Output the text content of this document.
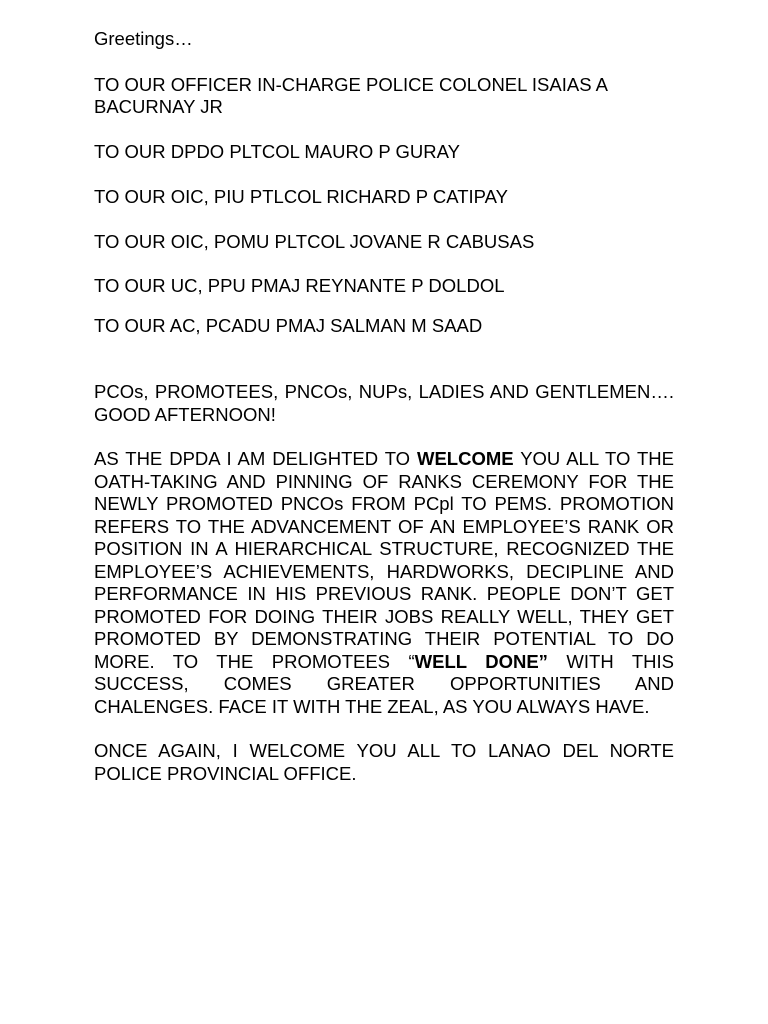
Greetings…

TO OUR OFFICER IN-CHARGE POLICE COLONEL ISAIAS A BACURNAY JR

TO OUR DPDO PLTCOL MAURO P GURAY

TO OUR OIC, PIU PTLCOL RICHARD P CATIPAY

TO OUR OIC, POMU PLTCOL JOVANE R CABUSAS

TO OUR UC, PPU PMAJ REYNANTE P DOLDOL

TO OUR AC, PCADU PMAJ SALMAN M SAAD

PCOs, PROMOTEES, PNCOs, NUPs, LADIES AND GENTLEMEN…. GOOD AFTERNOON!

AS THE DPDA I AM DELIGHTED TO WELCOME YOU ALL TO THE OATH-TAKING AND PINNING OF RANKS CEREMONY FOR THE NEWLY PROMOTED PNCOs FROM PCpl TO PEMS. PROMOTION REFERS TO THE ADVANCEMENT OF AN EMPLOYEE’S RANK OR POSITION IN A HIERARCHICAL STRUCTURE, RECOGNIZED THE EMPLOYEE’S ACHIEVEMENTS, HARDWORKS, DECIPLINE AND PERFORMANCE IN HIS PREVIOUS RANK. PEOPLE DON’T GET PROMOTED FOR DOING THEIR JOBS REALLY WELL, THEY GET PROMOTED BY DEMONSTRATING THEIR POTENTIAL TO DO MORE. TO THE PROMOTEES “WELL DONE” WITH THIS SUCCESS, COMES GREATER OPPORTUNITIES AND CHALENGES. FACE IT WITH THE ZEAL, AS YOU ALWAYS HAVE.

ONCE AGAIN, I WELCOME YOU ALL TO LANAO DEL NORTE POLICE PROVINCIAL OFFICE.
